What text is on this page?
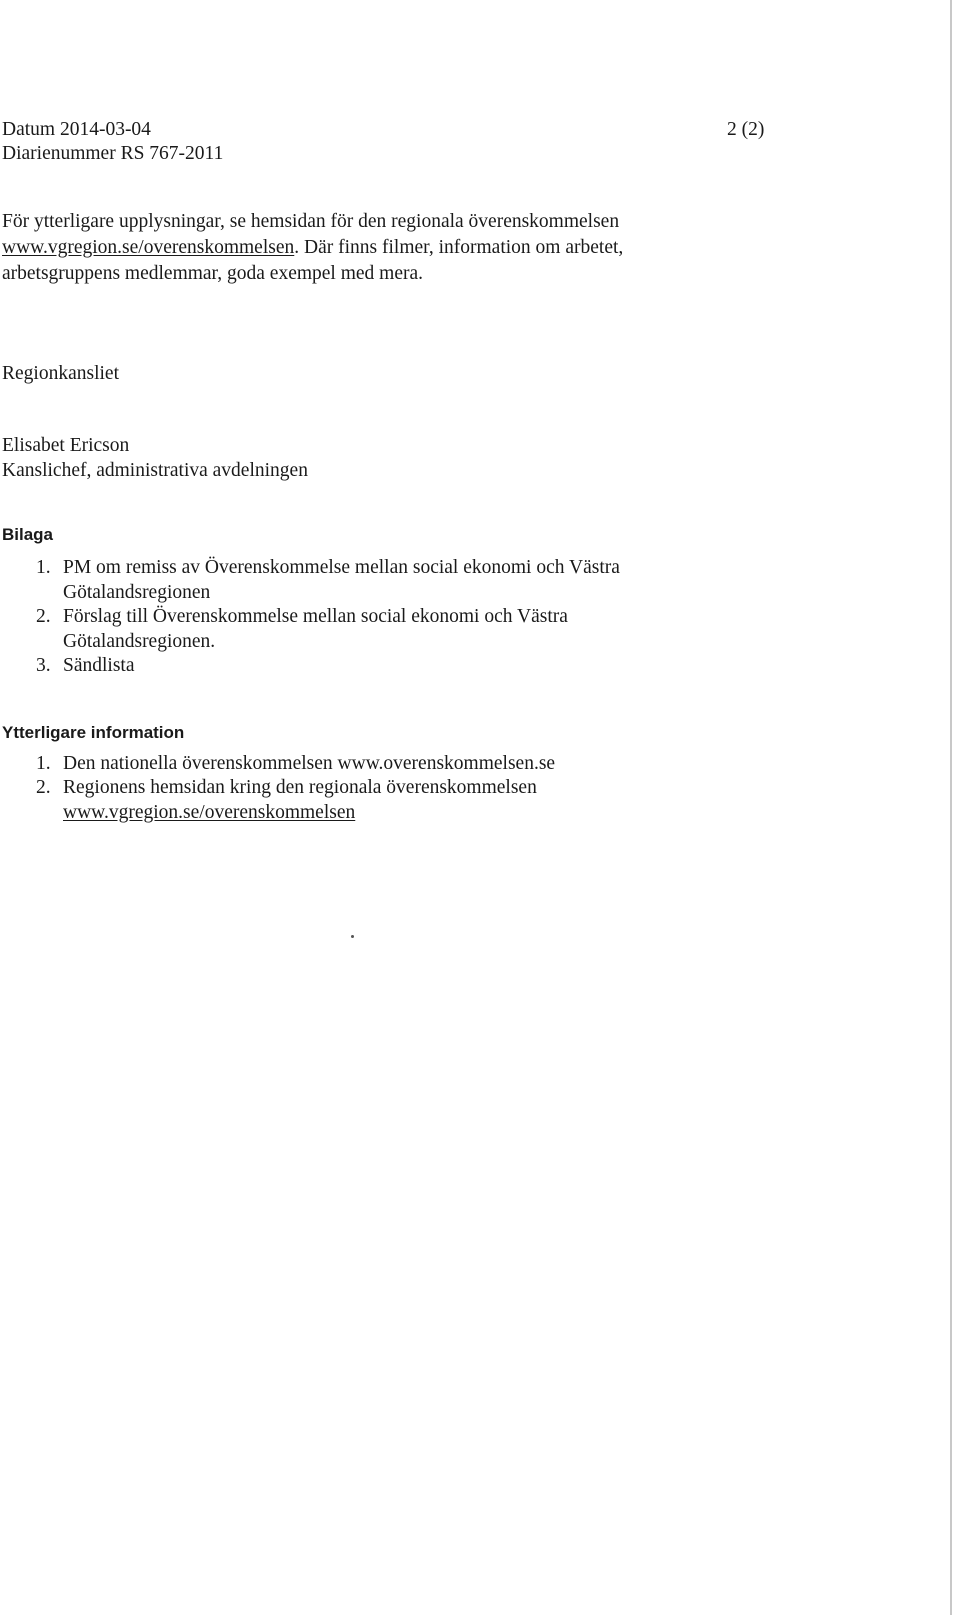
Datum 2014-03-04
Diarienummer RS 767-2011
2 (2)
För ytterligare upplysningar, se hemsidan för den regionala överenskommelsen
www.vgregion.se/overenskommelsen. Där finns filmer, information om arbetet,
arbetsgruppens medlemmar, goda exempel med mera.
Regionkansliet
Elisabet Ericson
Kanslichef, administrativa avdelningen
Bilaga
1. PM om remiss av Överenskommelse mellan social ekonomi och Västra
Götalandsregionen
2. Förslag till Överenskommelse mellan social ekonomi och Västra
Götalandsregionen.
3. Sändlista
Ytterligare information
1. Den nationella överenskommelsen www.overenskommelsen.se
2. Regionens hemsidan kring den regionala överenskommelsen
www.vgregion.se/overenskommelsen
